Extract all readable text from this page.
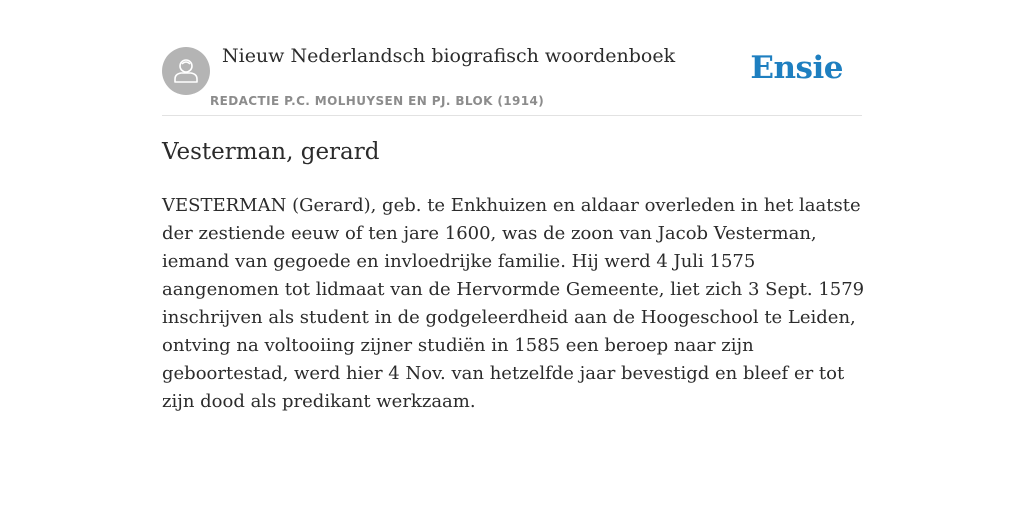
Nieuw Nederlandsch biografisch woordenboek
REDACTIE P.C. MOLHUYSEN EN PJ. BLOK (1914)
Ensie
Vesterman, gerard

VESTERMAN (Gerard), geb. te Enkhuizen en aldaar overleden in het laatste der zestiende eeuw of ten jare 1600, was de zoon van Jacob Vesterman, iemand van gegoede en invloedrijke familie. Hij werd 4 Juli 1575 aangenomen tot lidmaat van de Hervormde Gemeente, liet zich 3 Sept. 1579 inschrijven als student in de godgeleerdheid aan de Hoogeschool te Leiden, ontving na voltooiing zijner studiën in 1585 een beroep naar zijn geboortestad, werd hier 4 Nov. van hetzelfde jaar bevestigd en bleef er tot zijn dood als predikant werkzaam.
